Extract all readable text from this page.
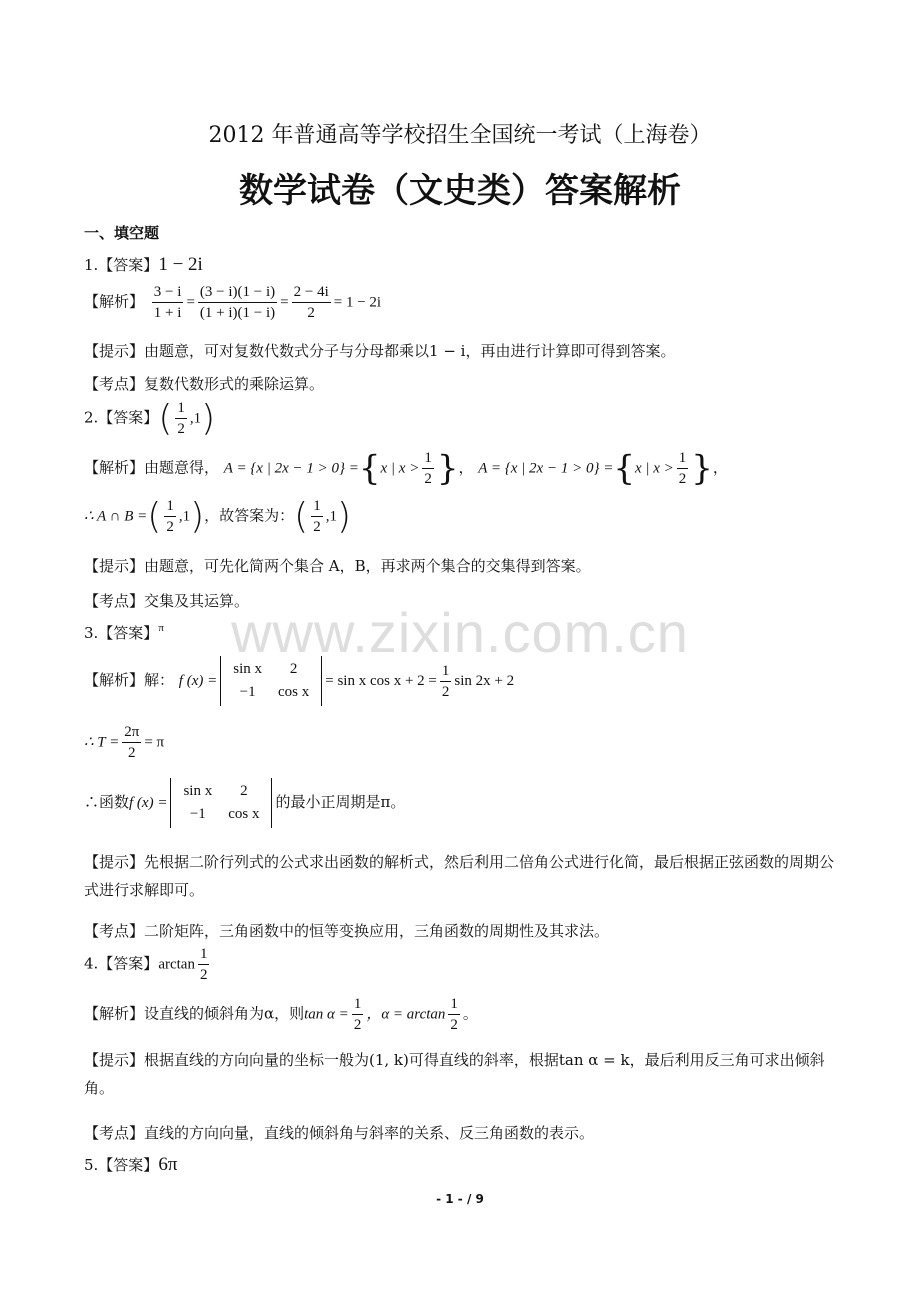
2012 年普通高等学校招生全国统一考试（上海卷）
数学试卷（文史类）答案解析
一、填空题
1.【答案】1 − 2i
【解析】 $\frac{3 - i}{1 + i} = \frac{(3 - i)(1 - i)}{(1 + i)(1 - i)} = \frac{2 - 4i}{2} = 1 - 2i$
【提示】由题意，可对复数代数式分子与分母都乘以1 − i，再由进行计算即可得到答案。
【考点】复数代数形式的乘除运算。
2.【答案】( $\frac{1}{2} ,1$)
【解析】由题意得， A = {x | 2x − 1 > 0} ={x | $x > \frac{1}{2}$ }， A = {x | 2x − 1 > 0} ={x | $x > \frac{1}{2}$ }，
∴ A ∩ B =( $\frac{1}{2} ,1$)，故答案为：( $\frac{1}{2} ,1$)
【提示】由题意，可先化简两个集合 A，B，再求两个集合的交集得到答案。
【考点】交集及其运算。
3.【答案】$^\pi$
【解析】解： f (x) =
sin x	2
−1	cos x
= sin x $\cos x + 2 = \frac{1}{2}$ sin 2x + 2
∴ $T = \frac{2\pi}{2} = \pi$
∴函数f (x) =
sin x	2
−1	cos x
的最小正周期是π。
【提示】先根据二阶行列式的公式求出函数的解析式，然后利用二倍角公式进行化简，最后根据正弦函数的周期公式进行求解即可。
【考点】二阶矩阵，三角函数中的恒等变换应用，三角函数的周期性及其求法。
4.【答案】$\arctan \frac{1}{2}$
【解析】设直线的倾斜角为α，则$\tan \alpha = \frac{1}{2}$ ，$\alpha = \arctan \frac{1}{2}$ 。
【提示】根据直线的方向向量的坐标一般为(1, k)可得直线的斜率，根据tan α = k，最后利用反三角可求出倾斜角。
【考点】直线的方向向量，直线的倾斜角与斜率的关系、反三角函数的表示。
5.【答案】6π
www.zixin.com.cn
- 1 - / 9
